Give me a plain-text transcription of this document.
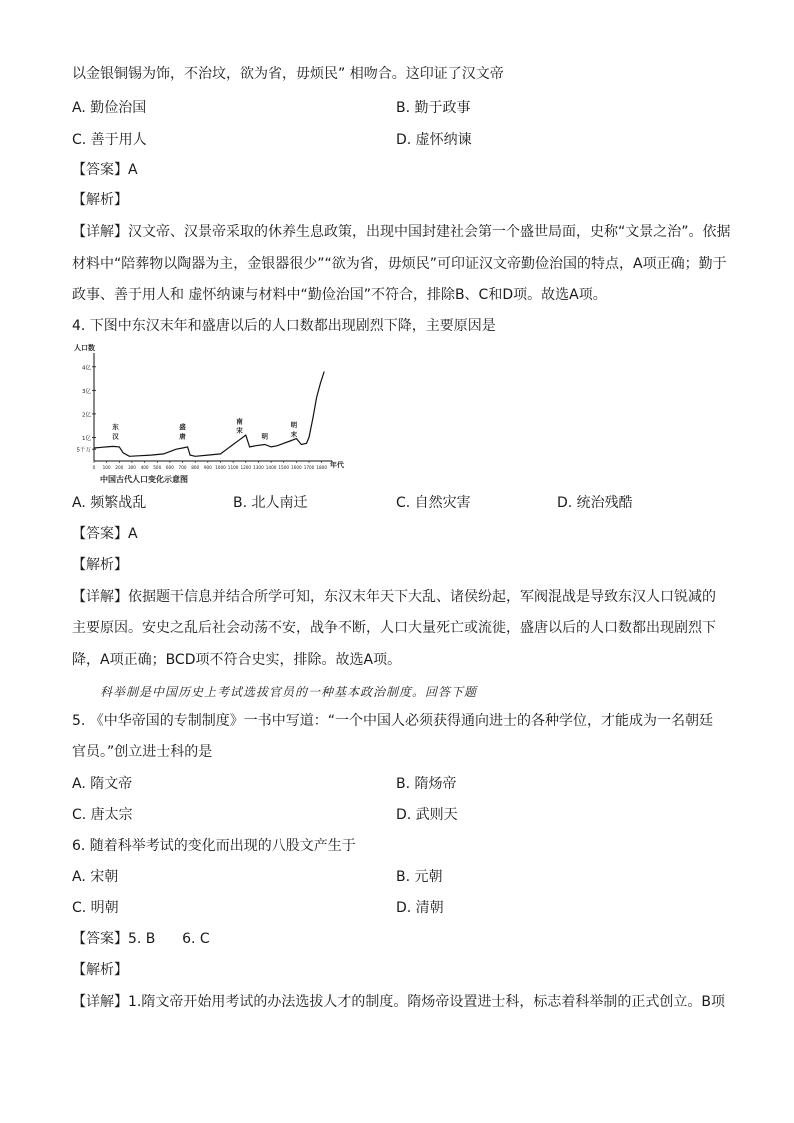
以金银铜锡为饰，不治坟，欲为省，毋烦民” 相吻合。这印证了汉文帝
A. 勤俭治国	B. 勤于政事
C. 善于用人	D. 虚怀纳谏
【答案】A
【解析】
【详解】汉文帝、汉景帝采取的休养生息政策，出现中国封建社会第一个盛世局面，史称“文景之治”。依据
材料中“陪葬物以陶器为主，金银器很少”“欲为省，毋烦民”可印证汉文帝勤俭治国的特点，A项正确；勤于
政事、善于用人和 虚怀纳谏与材料中“勤俭治国”不符合，排除B、C和D项。故选A项。
4. 下图中东汉末年和盛唐以后的人口数都出现剧烈下降，主要原因是
5千万
1亿
2亿
3亿
4亿
0 100 200 300 400 500 600 700 800 900 1000 1100 1200 1300 1400 1500 1600 1700 1800
东
汉
盛
唐
南
宋
明
明
末
人口数
年代
中国古代人口变化示意图
A. 频繁战乱	B. 北人南迁	C. 自然灾害	D. 统治残酷
【答案】A
【解析】
【详解】依据题干信息并结合所学可知，东汉末年天下大乱、诸侯纷起，军阀混战是导致东汉人口锐减的
主要原因。安史之乱后社会动荡不安，战争不断，人口大量死亡或流徙，盛唐以后的人口数都出现剧烈下
降，A项正确；BCD项不符合史实，排除。故选A项。
科举制是中国历史上考试选拔官员的一种基本政治制度。回答下题
5. 《中华帝国的专制制度》一书中写道：“一个中国人必须获得通向进士的各种学位，才能成为一名朝廷
官员。”创立进士科的是
A. 隋文帝	B. 隋炀帝
C. 唐太宗	D. 武则天
6. 随着科举考试的变化而出现的八股文产生于
A. 宋朝	B. 元朝
C. 明朝	D. 清朝
【答案】5. B      6. C
【解析】
【详解】1.隋文帝开始用考试的办法选拔人才的制度。隋炀帝设置进士科，标志着科举制的正式创立。B项
